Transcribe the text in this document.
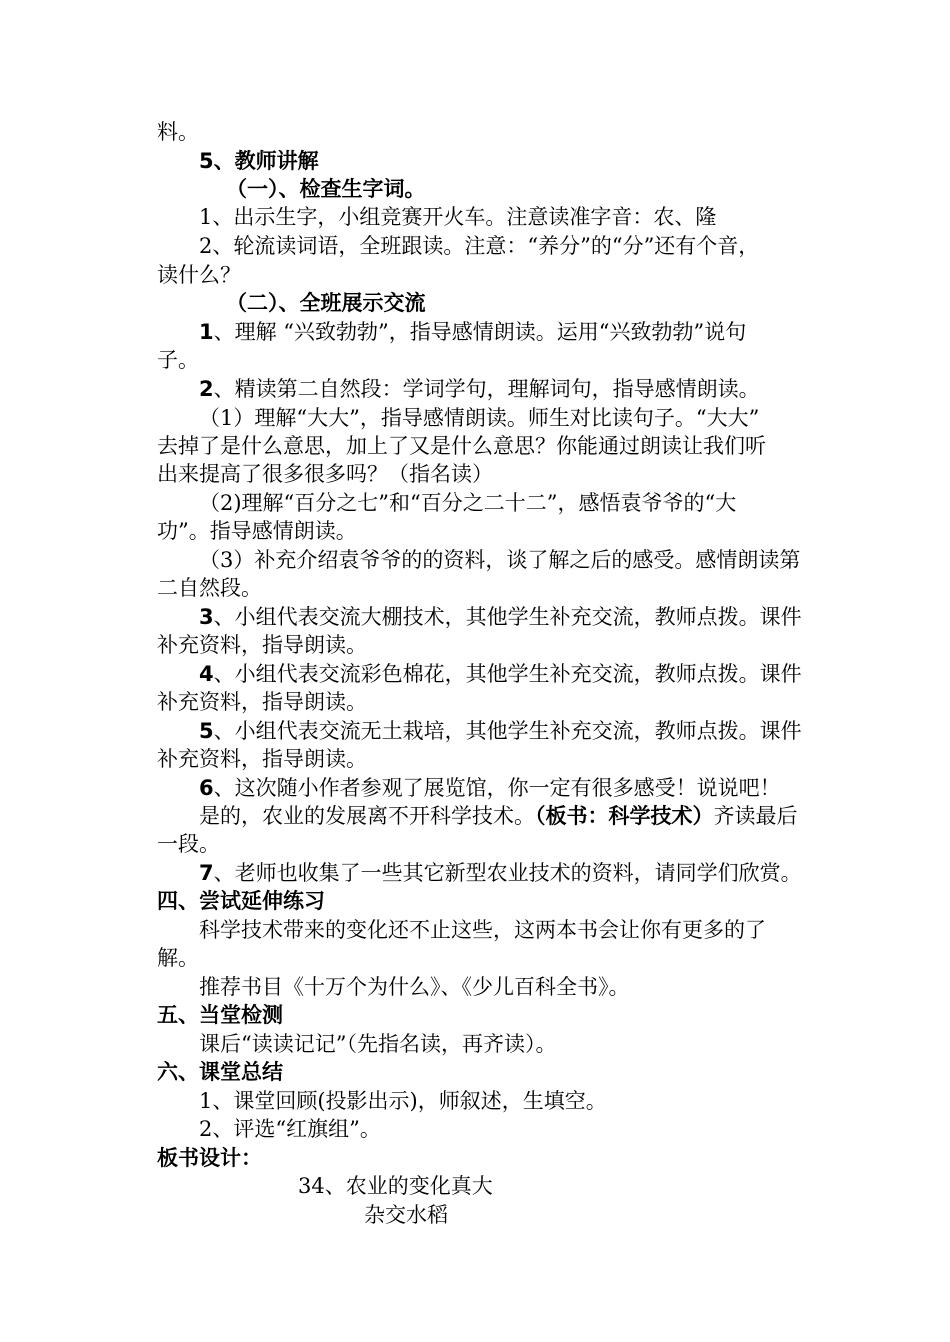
料。
5、教师讲解
（一）、检查生字词。
1、出示生字，小组竞赛开火车。注意读准字音：农、隆
2、轮流读词语，全班跟读。注意：“养分”的“分”还有个音，
读什么？
（二）、全班展示交流
1、理解 “兴致勃勃”，指导感情朗读。运用“兴致勃勃”说句
子。
2、精读第二自然段：学词学句，理解词句，指导感情朗读。
（1）理解“大大”，指导感情朗读。师生对比读句子。“大大”
去掉了是什么意思，加上了又是什么意思？你能通过朗读让我们听
出来提高了很多很多吗？（指名读）
（2)理解“百分之七”和“百分之二十二”，感悟袁爷爷的“大
功”。指导感情朗读。
（3）补充介绍袁爷爷的的资料，谈了解之后的感受。感情朗读第
二自然段。
3、小组代表交流大棚技术，其他学生补充交流，教师点拨。课件
补充资料，指导朗读。
4、小组代表交流彩色棉花，其他学生补充交流，教师点拨。课件
补充资料，指导朗读。
5、小组代表交流无土栽培，其他学生补充交流，教师点拨。课件
补充资料，指导朗读。
6、这次随小作者参观了展览馆，你一定有很多感受！说说吧！
是的，农业的发展离不开科学技术。（板书：科学技术）齐读最后
一段。
7、老师也收集了一些其它新型农业技术的资料，请同学们欣赏。
四、尝试延伸练习
科学技术带来的变化还不止这些，这两本书会让你有更多的了
解。
推荐书目《十万个为什么》、《少儿百科全书》。
五、当堂检测
课后“读读记记”（先指名读，再齐读）。
六、课堂总结
1、课堂回顾(投影出示)，师叙述，生填空。
2、评选“红旗组”。
板书设计：
34、农业的变化真大
杂交水稻
